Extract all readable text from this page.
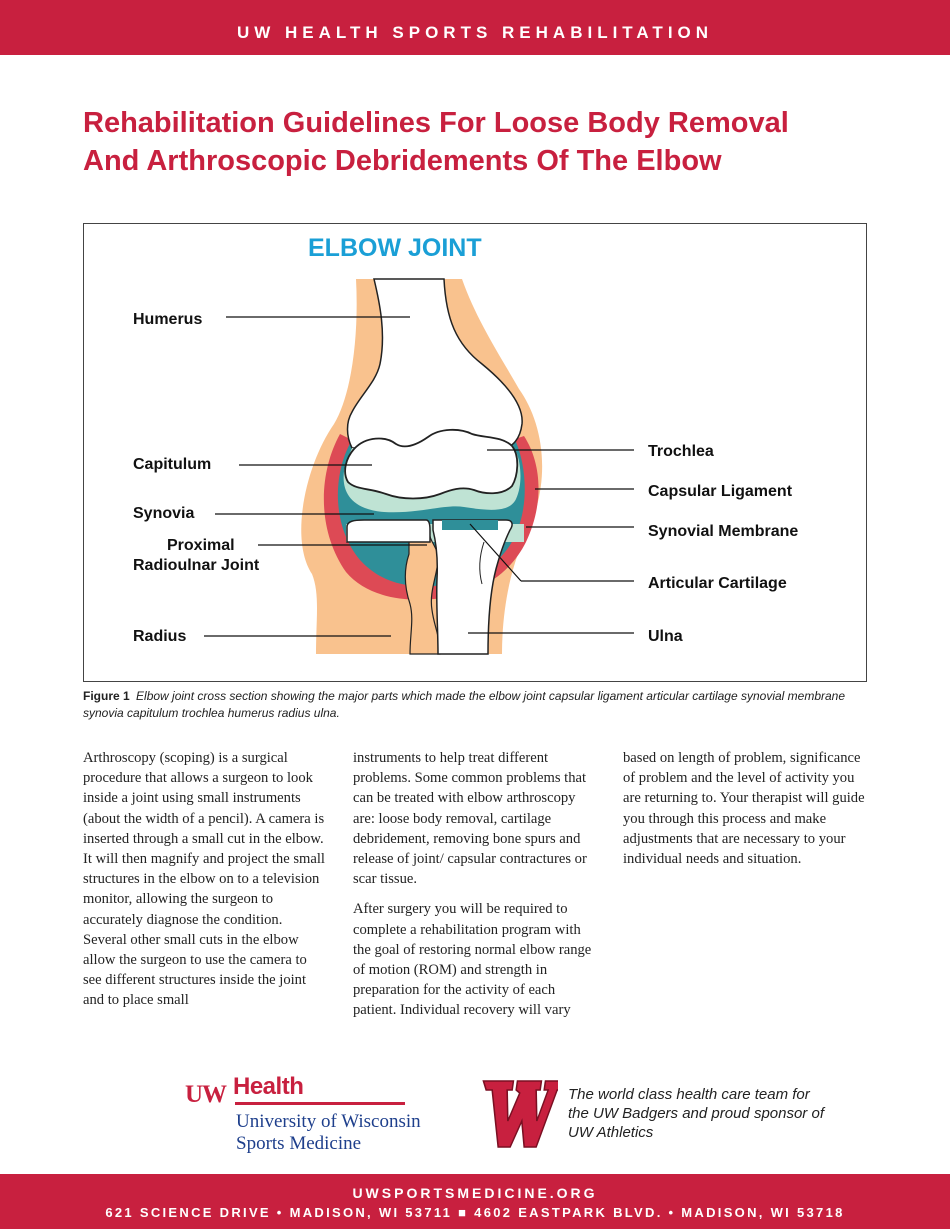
UW HEALTH SPORTS REHABILITATION
Rehabilitation Guidelines For Loose Body Removal
And Arthroscopic Debridements Of The Elbow
ELBOW JOINT
Humerus
Capitulum
Synovia
Proximal
Radioulnar Joint
Radius
Trochlea
Capsular Ligament
Synovial Membrane
Articular Cartilage
Ulna
Figure 1 Elbow joint cross section showing the major parts which made the elbow joint capsular ligament articular cartilage synovial membrane synovia capitulum trochlea humerus radius ulna.

Arthroscopy (scoping) is a surgical procedure that allows a surgeon to look inside a joint using small instruments (about the width of a pencil). A camera is inserted through a small cut in the elbow. It will then magnify and project the small structures in the elbow on to a television monitor, allowing the surgeon to accurately diagnose the condition. Several other small cuts in the elbow allow the surgeon to use the camera to see different structures inside the joint and to place small

instruments to help treat different problems. Some common problems that can be treated with elbow arthroscopy are: loose body removal, cartilage debridement, removing bone spurs and release of joint/ capsular contractures or scar tissue.

After surgery you will be required to complete a rehabilitation program with the goal of restoring normal elbow range of motion (ROM) and strength in preparation for the activity of each patient. Individual recovery will vary

based on length of problem, significance of problem and the level of activity you are returning to. Your therapist will guide you through this process and make adjustments that are necessary to your individual needs and situation.

UW Health
University of Wisconsin
Sports Medicine
The world class health care team for the UW Badgers and proud sponsor of UW Athletics
UWSPORTSMEDICINE.ORG
621 SCIENCE DRIVE • MADISON, WI 53711 ■ 4602 EASTPARK BLVD. • MADISON, WI 53718
